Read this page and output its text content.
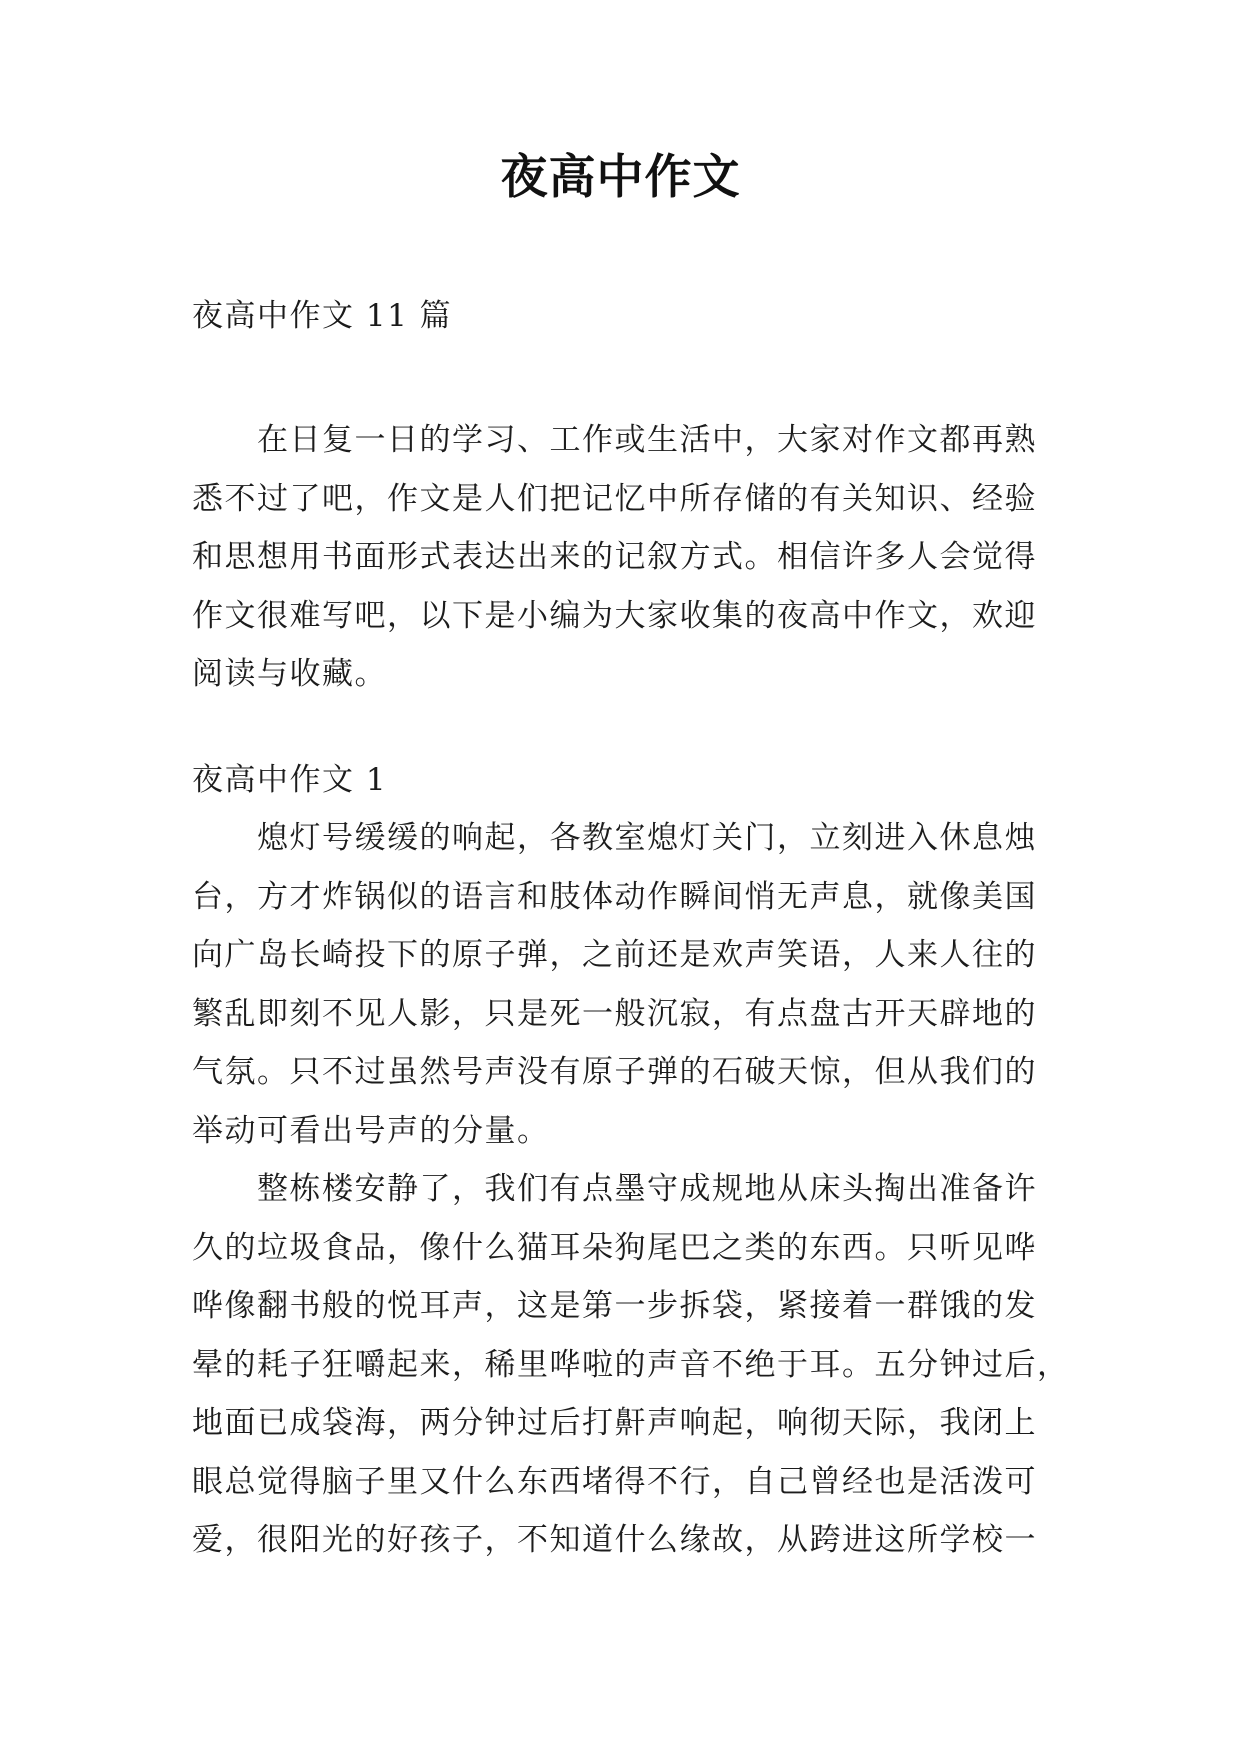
夜高中作文
夜高中作文 11 篇
　　在日复一日的学习、工作或生活中，大家对作文都再熟
悉不过了吧，作文是人们把记忆中所存储的有关知识、经验
和思想用书面形式表达出来的记叙方式。相信许多人会觉得
作文很难写吧，以下是小编为大家收集的夜高中作文，欢迎
阅读与收藏。
夜高中作文 1
　　熄灯号缓缓的响起，各教室熄灯关门，立刻进入休息烛
台，方才炸锅似的语言和肢体动作瞬间悄无声息，就像美国
向广岛长崎投下的原子弹，之前还是欢声笑语，人来人往的
繁乱即刻不见人影，只是死一般沉寂，有点盘古开天辟地的
气氛。只不过虽然号声没有原子弹的石破天惊，但从我们的
举动可看出号声的分量。
　　整栋楼安静了，我们有点墨守成规地从床头掏出准备许
久的垃圾食品，像什么猫耳朵狗尾巴之类的东西。只听见哗
哗像翻书般的悦耳声，这是第一步拆袋，紧接着一群饿的发
晕的耗子狂嚼起来，稀里哗啦的声音不绝于耳。五分钟过后，
地面已成袋海，两分钟过后打鼾声响起，响彻天际，我闭上
眼总觉得脑子里又什么东西堵得不行，自己曾经也是活泼可
爱，很阳光的好孩子，不知道什么缘故，从跨进这所学校一
